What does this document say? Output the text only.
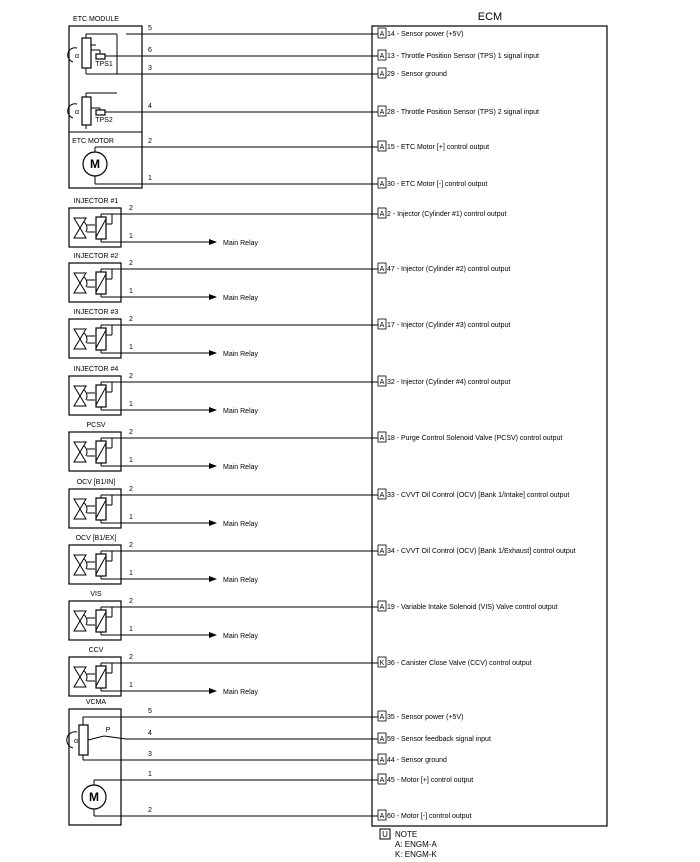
ECM
ETC MODULE
α
TPS1
α
TPS2
ETC MOTOR
M
VCMA
P
α
M
5
A 14 - Sensor power (+5V)
6
A 13 - Throttle Position Sensor (TPS) 1 signal input
3
A 29 - Sensor ground
4
A 28 - Throttle Position Sensor (TPS) 2 signal input
2
A 15 - ETC Motor [+] control output
1
A 30 - ETC Motor [-] control output
5
A 35 - Sensor power (+5V)
4
A 59 - Sensor feedback signal input
3
A 44 - Sensor ground
1
A 45 - Motor [+] control output
2
A 60 - Motor [-] control output
INJECTOR #1
2
A 2 - Injector (Cylinder #1) control output
1
Main Relay
INJECTOR #2
2
A 47 - Injector (Cylinder #2) control output
1
Main Relay
INJECTOR #3
2
A 17 - Injector (Cylinder #3) control output
1
Main Relay
INJECTOR #4
2
A 32 - Injector (Cylinder #4) control output
1
Main Relay
PCSV
2
A 18 - Purge Control Solenoid Valve (PCSV) control output
1
Main Relay
OCV [B1/IN]
2
A 33 - CVVT Oil Control (OCV) [Bank 1/Intake] control output
1
Main Relay
OCV [B1/EX]
2
A 34 - CVVT Oil Control (OCV) [Bank 1/Exhaust] control output
1
Main Relay
VIS
2
A 19 - Variable Intake Solenoid (VIS) Valve control output
1
Main Relay
CCV
2
K 36 - Canister Close Valve (CCV) control output
1
Main Relay
U NOTE
A: ENGM-A
K: ENGM-K
